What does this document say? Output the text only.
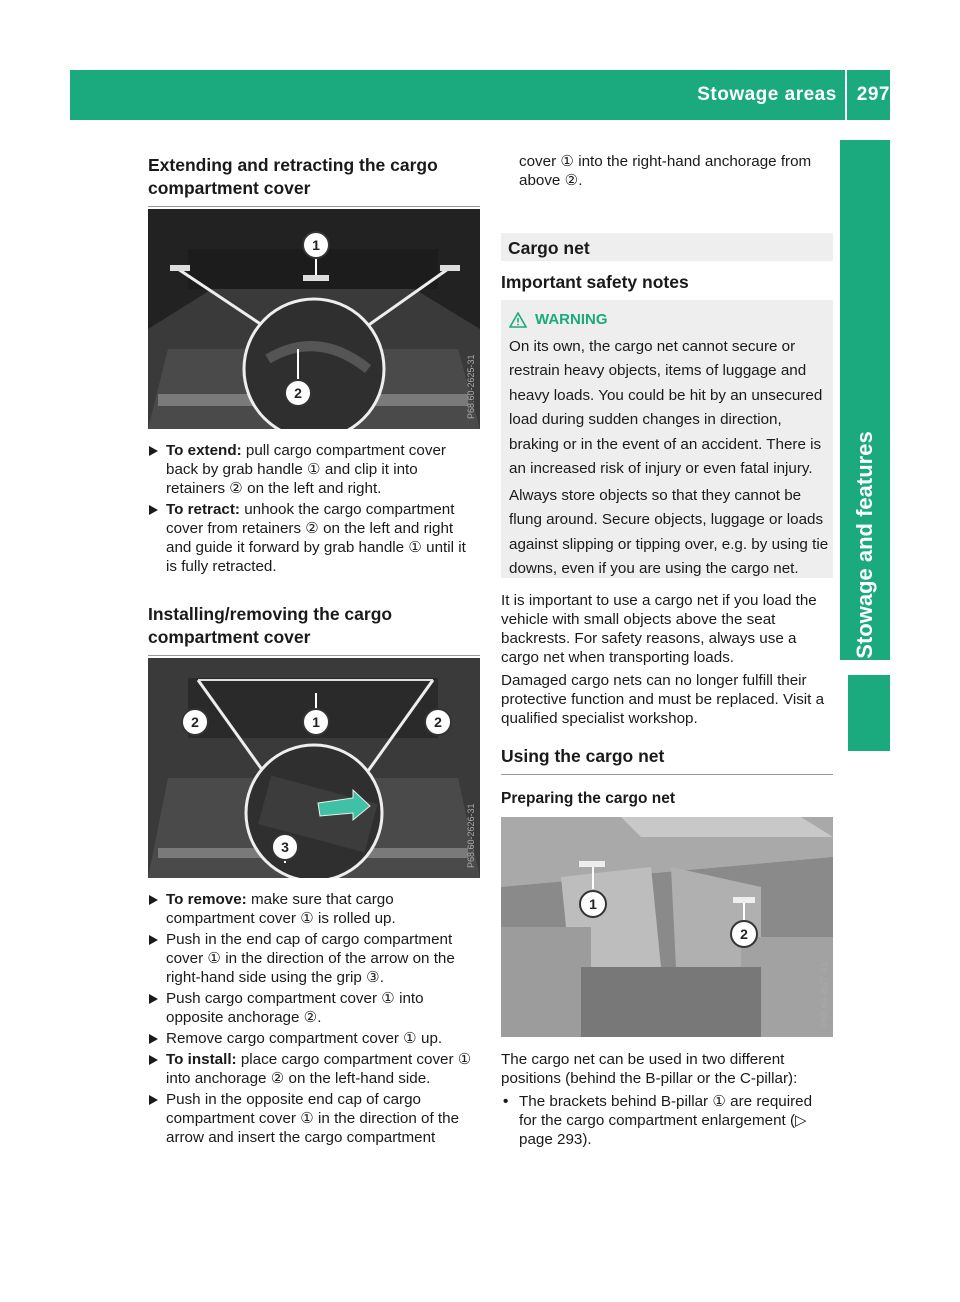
Stowage areas 297
Stowage and features
Extending and retracting the cargo compartment cover
1
2	P68.60-2625-31

To extend: pull cargo compartment cover back by grab handle ① and clip it into retainers ② on the left and right.

To retract: unhook the cargo compartment cover from retainers ② on the left and right and guide it forward by grab handle ① until it is fully retracted.

Installing/removing the cargo compartment cover
2	1	2
3	P68.60-2626-31

To remove: make sure that cargo compartment cover ① is rolled up.

Push in the end cap of cargo compartment cover ① in the direction of the arrow on the right-hand side using the grip ③.

Push cargo compartment cover ① into opposite anchorage ②.

Remove cargo compartment cover ① up.

To install: place cargo compartment cover ① into anchorage ② on the left-hand side.

Push in the opposite end cap of cargo compartment cover ① in the direction of the arrow and insert the cargo compartment

cover ① into the right-hand anchorage from above ②.

Cargo net
Important safety notes
WARNING

On its own, the cargo net cannot secure or restrain heavy objects, items of luggage and heavy loads. You could be hit by an unsecured load during sudden changes in direction, braking or in the event of an accident. There is an increased risk of injury or even fatal injury.

Always store objects so that they cannot be flung around. Secure objects, luggage or loads against slipping or tipping over, e.g. by using tie downs, even if you are using the cargo net.

It is important to use a cargo net if you load the vehicle with small objects above the seat backrests. For safety reasons, always use a cargo net when transporting loads.

Damaged cargo nets can no longer fulfill their protective function and must be replaced. Visit a qualified specialist workshop.

Using the cargo net
Preparing the cargo net
1
2
P68.60-2627-31

The cargo net can be used in two different positions (behind the B-pillar or the C-pillar):

• The brackets behind B-pillar ① are required for the cargo compartment enlargement (▷ page 293).
